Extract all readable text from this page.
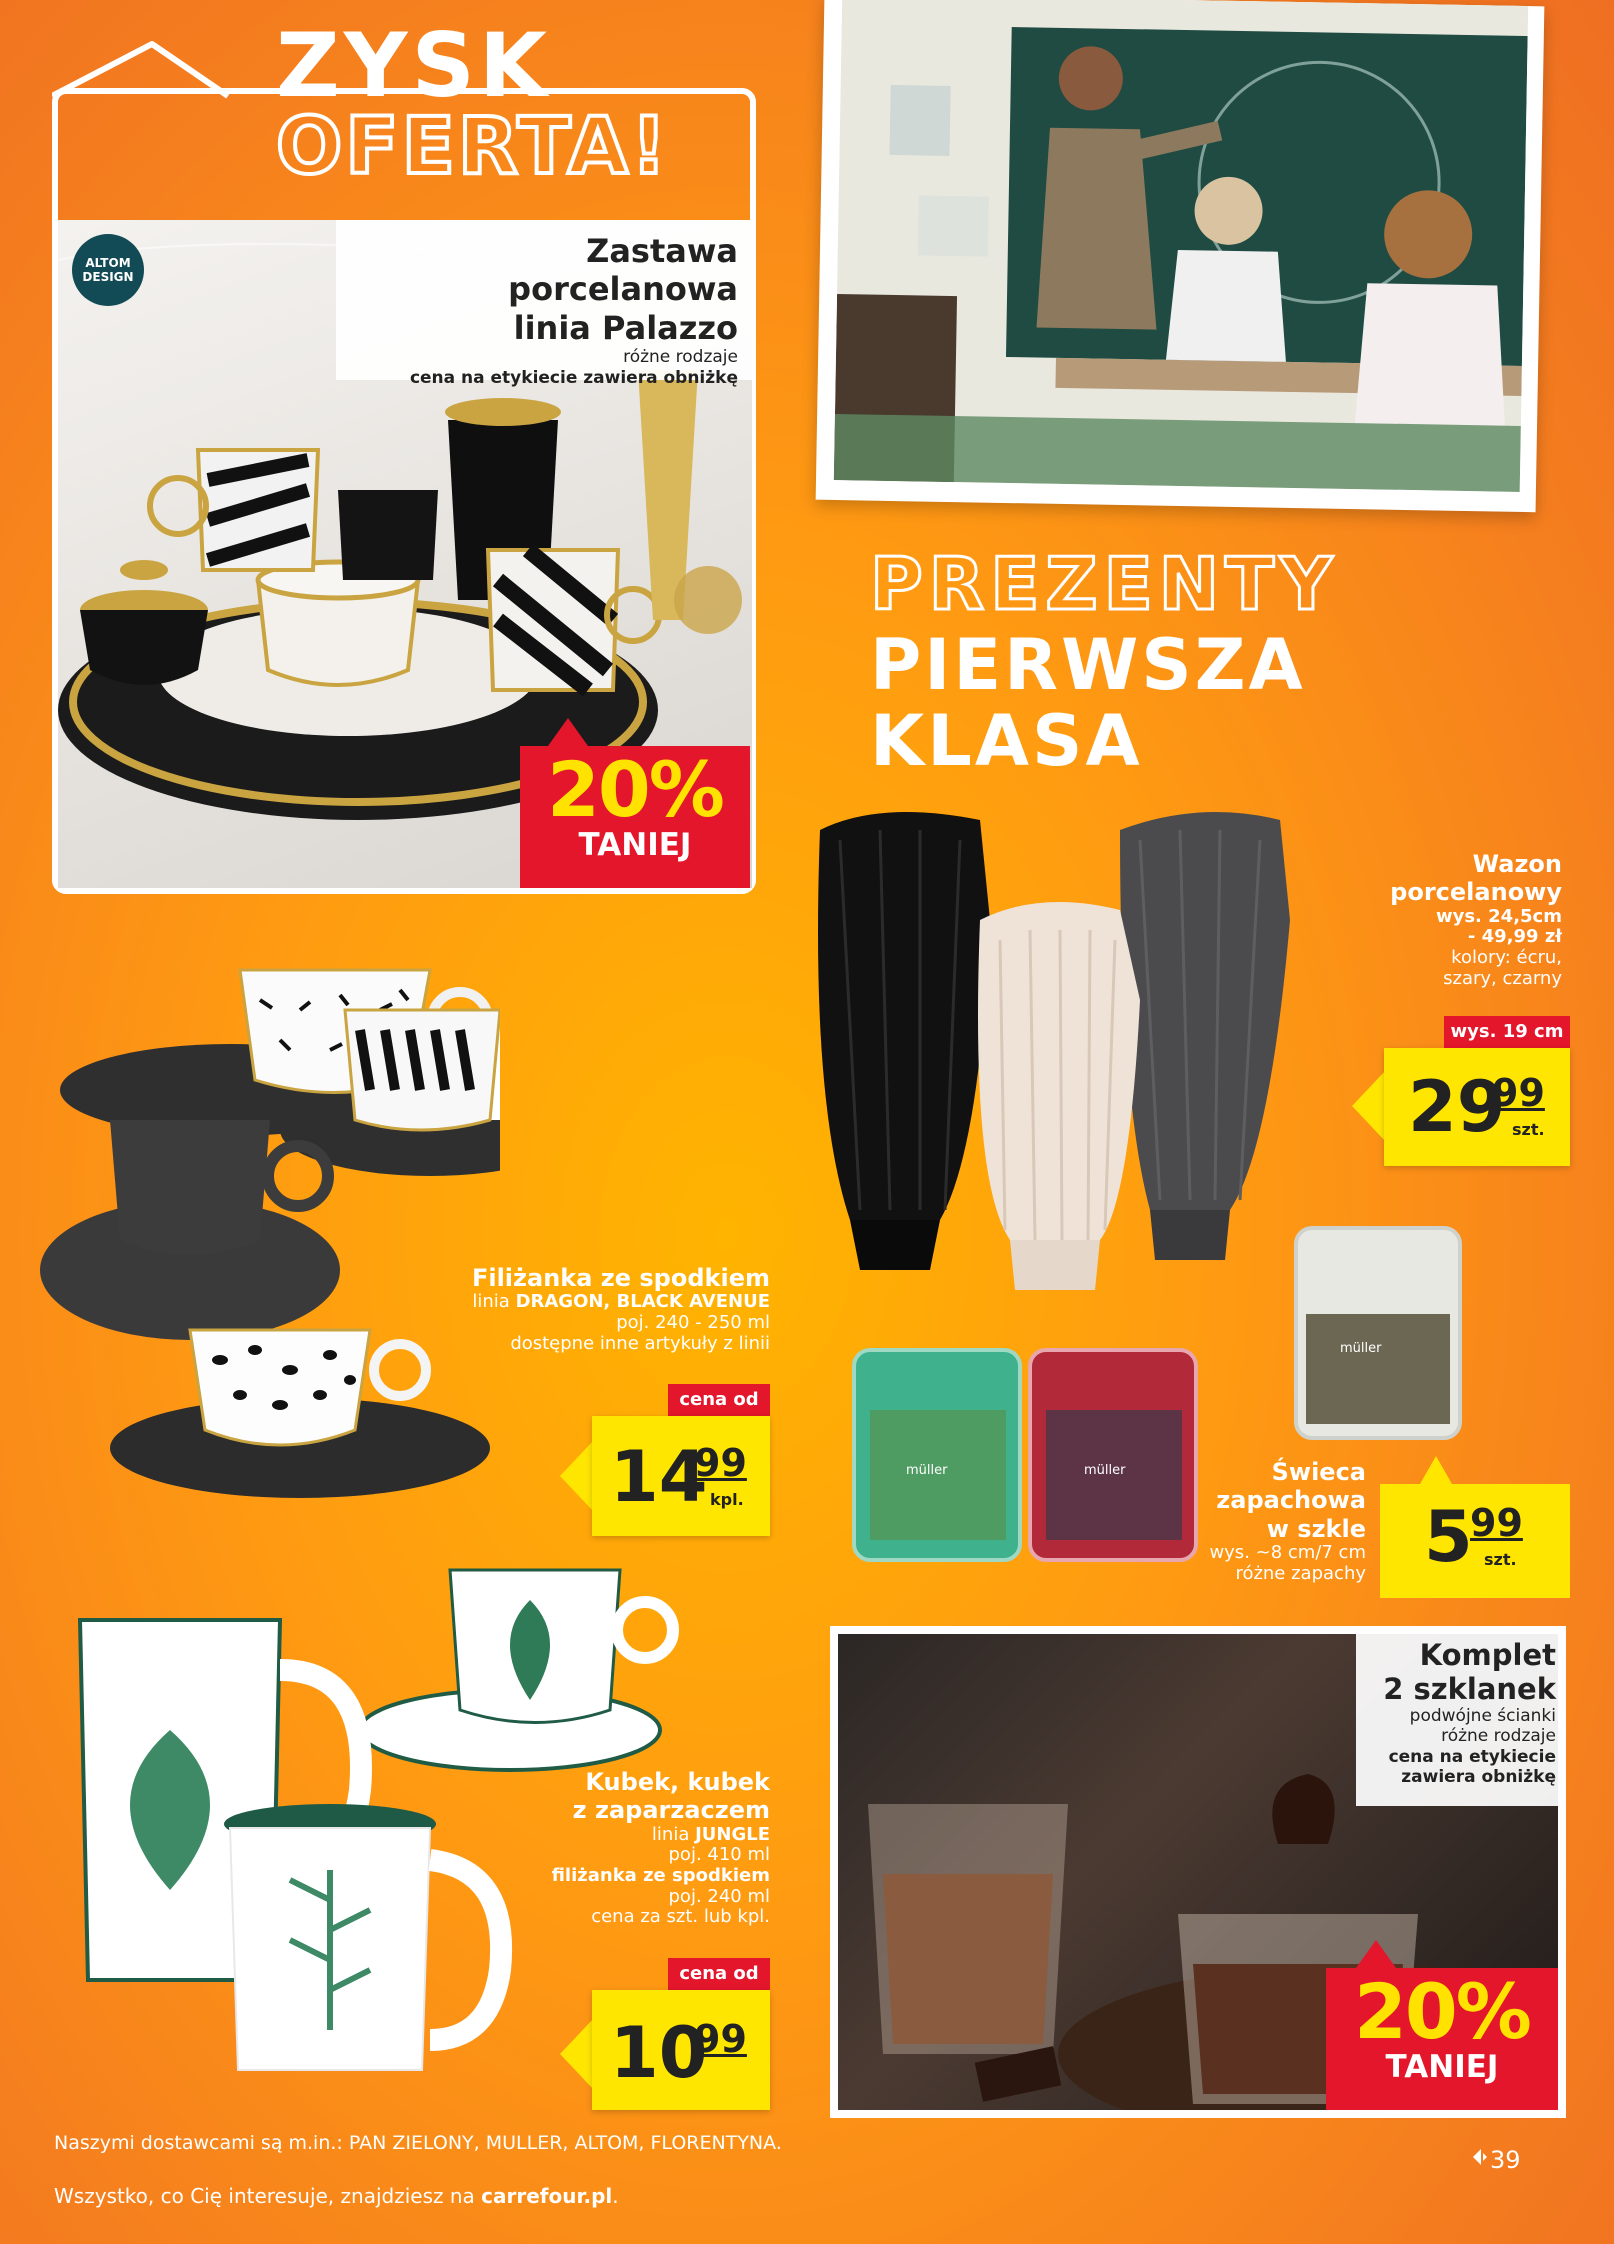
ZYSK
OFERTA!
Zastawa porcelanowa
linia Palazzo

różne rodzaje

cena na etykiecie zawiera obniżkę

ALTOM
DESIGN
20%
TANIEJ
PREZENTY
PIERWSZA
KLASA
Wazon
porcelanowy
wys. 24,5cm
- 49,99 zł
kolory: écru,
szary, czarny
wys. 19 cm
29
99
szt.
Filiżanka ze spodkiem
linia DRAGON, BLACK AVENUE
poj. 240 - 250 ml
dostępne inne artykuły z linii
cena od
14
99
kpl.
müller
müller	müller	Świeca
zapachowa
w szkle
wys. ~8 cm/7 cm
różne zapachy 5
99
szt.
Kubek, kubek
z zaparzaczem
linia JUNGLE
poj. 410 ml
filiżanka ze spodkiem
poj. 240 ml
cena za szt. lub kpl.
cena od
10
99
Komplet
2 szklanek
podwójne ścianki
różne rodzaje
cena na etykiecie
zawiera obniżkę
20%
TANIEJ
Naszymi dostawcami są m.in.: PAN ZIELONY, MULLER, ALTOM, FLORENTYNA.
Wszystko, co Cię interesuje, znajdziesz na carrefour.pl.
39
